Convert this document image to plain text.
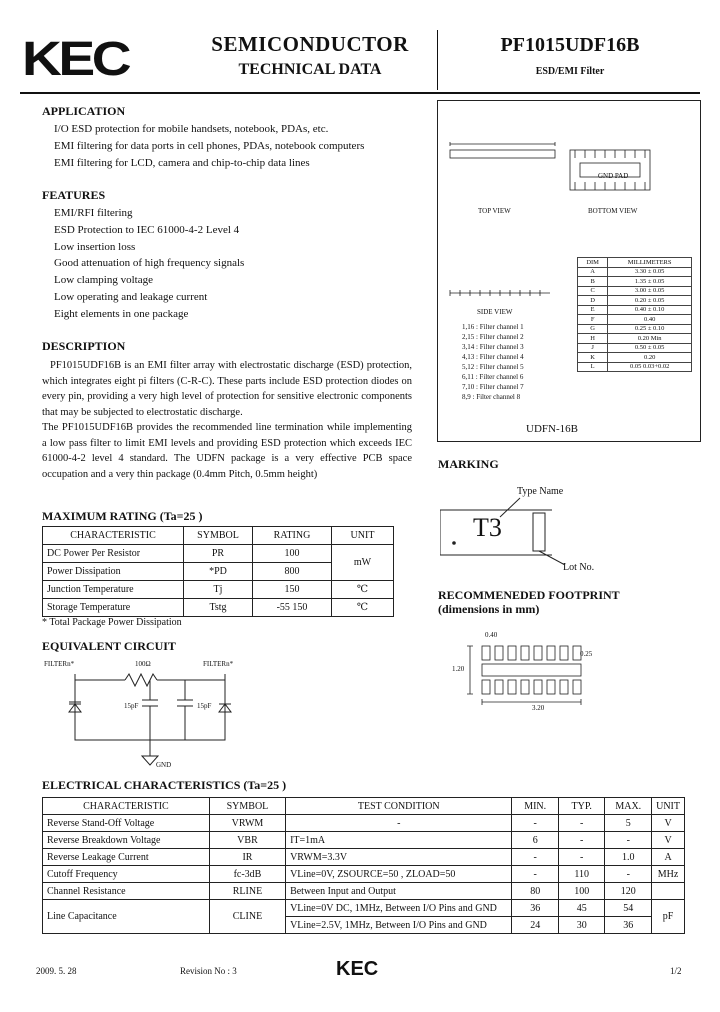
KEC	SEMICONDUCTOR
TECHNICAL DATA
PF1015UDF16B
ESD/EMI Filter
APPLICATION
I/O ESD protection for mobile handsets, notebook, PDAs, etc.
EMI filtering for data ports in cell phones, PDAs, notebook computers
EMI filtering for LCD, camera and chip-to-chip data lines
FEATURES
EMI/RFI filtering
ESD Protection to IEC 61000-4-2 Level 4
Low insertion loss
Good attenuation of high frequency signals
Low clamping voltage
Low operating and leakage current
Eight elements in one package
DESCRIPTION
PF1015UDF16B is an EMI filter array with electrostatic discharge (ESD) protection, which integrates eight pi filters (C-R-C). These parts include ESD protection diodes on every pin, providing a very high level of protection for sensitive electronic components that may be subjected to electrostatic discharge.
The PF1015UDF16B provides the recommended line termination while implementing a low pass filter to limit EMI levels and providing ESD protection which exceeds IEC 61000-4-2 level 4 standard. The UDFN package is a very effective PCB space occupation and a very thin package (0.4mm Pitch, 0.5mm height)
MAXIMUM RATING (Ta=25 )
CHARACTERISTIC	SYMBOL	RATING	UNIT
DC Power Per Resistor	PR	100	mW
Power Dissipation	*PD	800	
Junction Temperature	Tj	150	℃
Storage Temperature	Tstg	-55 150	℃
* Total Package Power Dissipation
EQUIVALENT CIRCUIT
FILTERn*	FILTERn*
100Ω
15pF	15pF
GND
TOP VIEW	BOTTOM VIEW
GND PAD
SIDE VIEW
1,16 : Filter channel 1
2,15 : Filter channel 2
3,14 : Filter channel 3
4,13 : Filter channel 4
5,12 : Filter channel 5
6,11 : Filter channel 6
7,10 : Filter channel 7
8,9 : Filter channel 8
DIM	MILLIMETERS
A	3.30 ± 0.05
B	1.35 ± 0.05
C	3.00 ± 0.05
D	0.20 ± 0.05
E	0.40 ± 0.10
F	0.40
G	0.25 ± 0.10
H	0.20 Min
J	0.50 ± 0.05
K	0.20
L	0.05 0.03+0.02
UDFN-16B
MARKING
Type Name
Lot No.
T3
RECOMMENEDED FOOTPRINT
(dimensions in mm)
0.40
0.25
1.20
3.20
ELECTRICAL CHARACTERISTICS (Ta=25 )
CHARACTERISTIC	SYMBOL	TEST CONDITION	MIN.	TYP.	MAX.	UNIT
Reverse Stand-Off Voltage	VRWM	-	-	-	5	V
Reverse Breakdown Voltage	VBR	IT=1mA	6	-	-	V
Reverse Leakage Current	IR	VRWM=3.3V	-	-	1.0	A
Cutoff Frequency	fc-3dB	VLine=0V, ZSOURCE=50 , ZLOAD=50	-	110	-	MHz
Channel Resistance	RLINE	Between Input and Output	80	100	120	
Line Capacitance	CLINE	VLine=0V DC, 1MHz, Between I/O Pins and GND	36	45	54	pF
		VLine=2.5V, 1MHz, Between I/O Pins and GND	24	30	36	
2009. 5. 28	Revision No : 3	KEC	1/2
